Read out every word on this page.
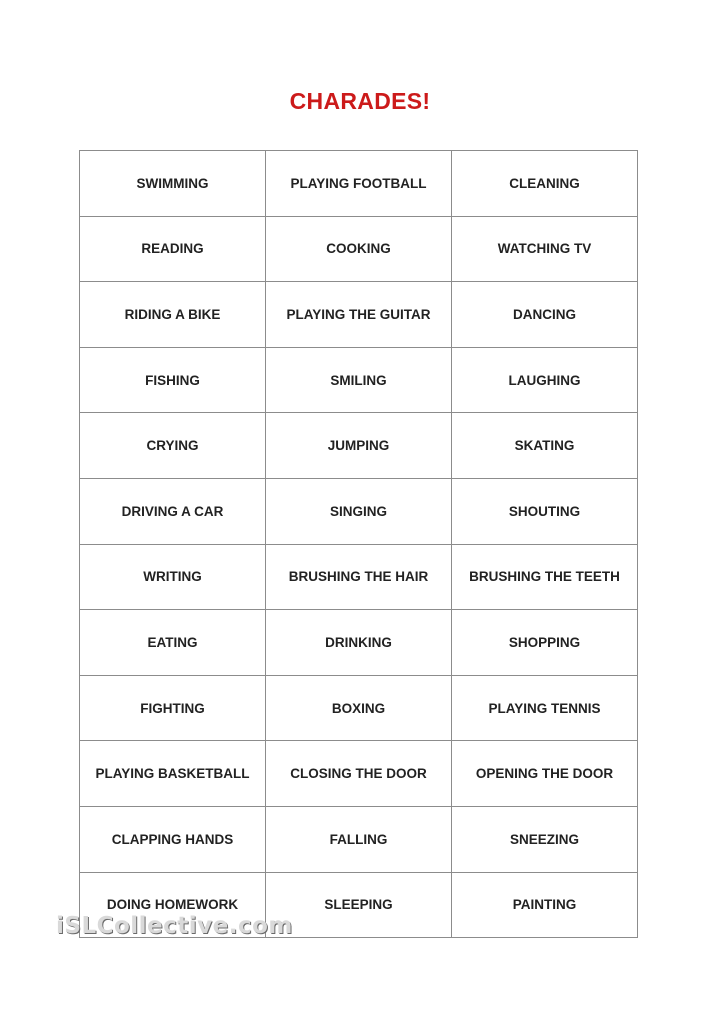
CHARADES!
SWIMMING	PLAYING FOOTBALL	CLEANING
READING	COOKING	WATCHING TV
RIDING A BIKE	PLAYING THE GUITAR	DANCING
FISHING	SMILING	LAUGHING
CRYING	JUMPING	SKATING
DRIVING A CAR	SINGING	SHOUTING
WRITING	BRUSHING THE HAIR	BRUSHING THE TEETH
EATING	DRINKING	SHOPPING
FIGHTING	BOXING	PLAYING TENNIS
PLAYING BASKETBALL	CLOSING THE DOOR	OPENING THE DOOR
CLAPPING HANDS	FALLING	SNEEZING
DOING HOMEWORK	SLEEPING	PAINTING
iSLCollective.com
